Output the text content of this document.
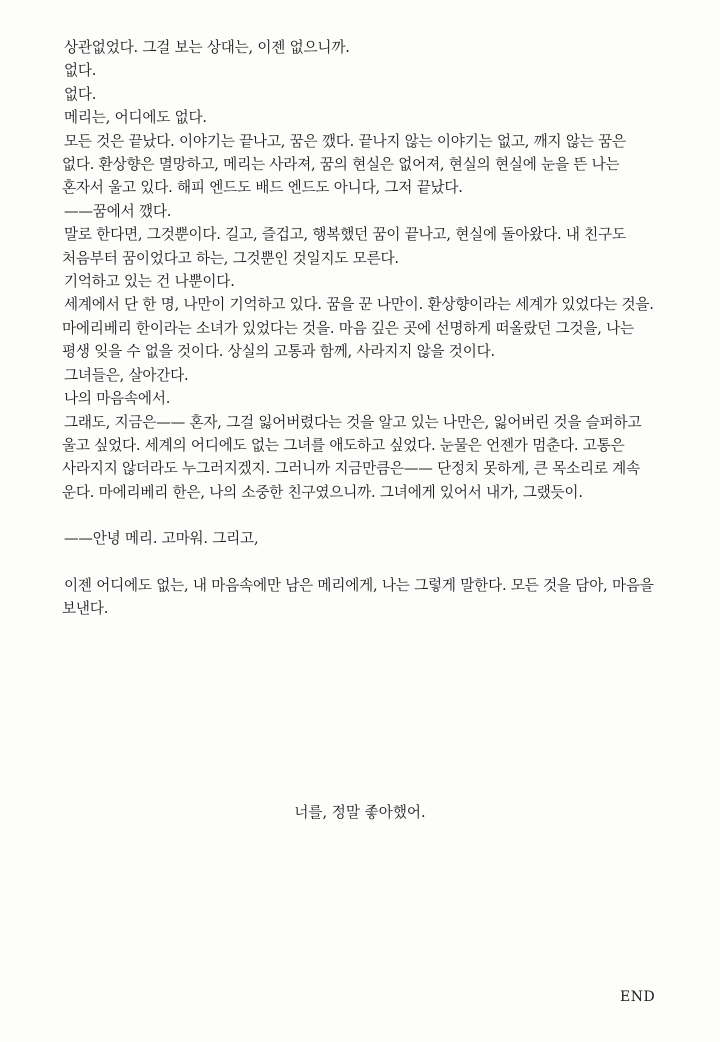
상관없었다. 그걸 보는 상대는, 이젠 없으니까.

없다.

없다.

메리는, 어디에도 없다.

모든 것은 끝났다. 이야기는 끝나고, 꿈은 깼다. 끝나지 않는 이야기는 없고, 깨지 않는 꿈은 없다. 환상향은 멸망하고, 메리는 사라져, 꿈의 현실은 없어져, 현실의 현실에 눈을 뜬 나는 혼자서 울고 있다. 해피 엔드도 배드 엔드도 아니다, 그저 끝났다.

——꿈에서 깼다.

말로 한다면, 그것뿐이다. 길고, 즐겁고, 행복했던 꿈이 끝나고, 현실에 돌아왔다. 내 친구도 처음부터 꿈이었다고 하는, 그것뿐인 것일지도 모른다.

기억하고 있는 건 나뿐이다.

세계에서 단 한 명, 나만이 기억하고 있다. 꿈을 꾼 나만이. 환상향이라는 세계가 있었다는 것을. 마에리베리 한이라는 소녀가 있었다는 것을. 마음 깊은 곳에 선명하게 떠올랐던 그것을, 나는 평생 잊을 수 없을 것이다. 상실의 고통과 함께, 사라지지 않을 것이다.

그녀들은, 살아간다.

나의 마음속에서.

그래도, 지금은—— 혼자, 그걸 잃어버렸다는 것을 알고 있는 나만은, 잃어버린 것을 슬퍼하고 울고 싶었다. 세계의 어디에도 없는 그녀를 애도하고 싶었다. 눈물은 언젠가 멈춘다. 고통은 사라지지 않더라도 누그러지겠지. 그러니까 지금만큼은—— 단정치 못하게, 큰 목소리로 계속 운다. 마에리베리 한은, 나의 소중한 친구였으니까. 그녀에게 있어서 내가, 그랬듯이.

——안녕 메리. 고마워. 그리고,

이젠 어디에도 없는, 내 마음속에만 남은 메리에게, 나는 그렇게 말한다. 모든 것을 담아, 마음을 보낸다.

너를, 정말 좋아했어.
END
